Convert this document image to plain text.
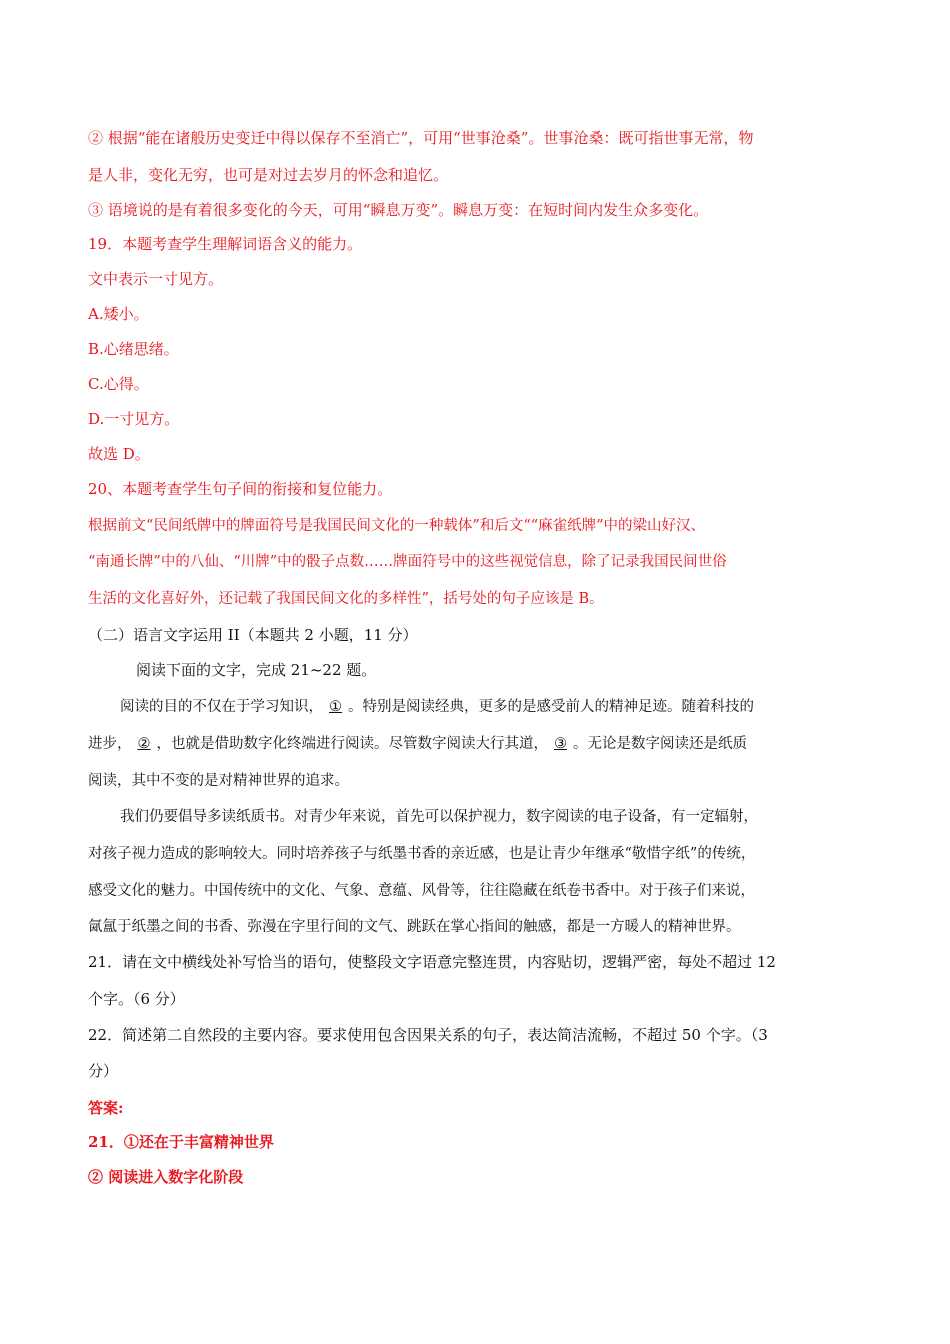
② 根据“能在诸般历史变迁中得以保存不至消亡”，可用“世事沧桑”。世事沧桑：既可指世事无常，物
是人非，变化无穷，也可是对过去岁月的怀念和追忆。
③ 语境说的是有着很多变化的今天，可用“瞬息万变”。瞬息万变：在短时间内发生众多变化。
19．本题考查学生理解词语含义的能力。
文中表示一寸见方。
A.矮小。
B.心绪思绪。
C.心得。
D.一寸见方。
故选 D。
20、本题考查学生句子间的衔接和复位能力。
根据前文“民间纸牌中的牌面符号是我国民间文化的一种载体”和后文““麻雀纸牌”中的梁山好汉、
“南通长牌”中的八仙、“川牌”中的骰子点数……牌面符号中的这些视觉信息，除了记录我国民间世俗
生活的文化喜好外，还记载了我国民间文化的多样性”，括号处的句子应该是 B。
（二）语言文字运用 II（本题共 2 小题，11 分）
阅读下面的文字，完成 21~22 题。
阅读的目的不仅在于学习知识， ① 。特别是阅读经典，更多的是感受前人的精神足迹。随着科技的
进步， ② ，也就是借助数字化终端进行阅读。尽管数字阅读大行其道， ③ 。无论是数字阅读还是纸质
阅读，其中不变的是对精神世界的追求。
我们仍要倡导多读纸质书。对青少年来说，首先可以保护视力，数字阅读的电子设备，有一定辐射，
对孩子视力造成的影响较大。同时培养孩子与纸墨书香的亲近感，也是让青少年继承“敬惜字纸”的传统，
感受文化的魅力。中国传统中的文化、气象、意蕴、风骨等，往往隐藏在纸卷书香中。对于孩子们来说，
氤氲于纸墨之间的书香、弥漫在字里行间的文气、跳跃在掌心指间的触感，都是一方暖人的精神世界。
21．请在文中横线处补写恰当的语句，使整段文字语意完整连贯，内容贴切，逻辑严密，每处不超过 12
个字。（6 分）
22．简述第二自然段的主要内容。要求使用包含因果关系的句子，表达简洁流畅，不超过 50 个字。（3
分）
答案:
21．①还在于丰富精神世界
② 阅读进入数字化阶段
